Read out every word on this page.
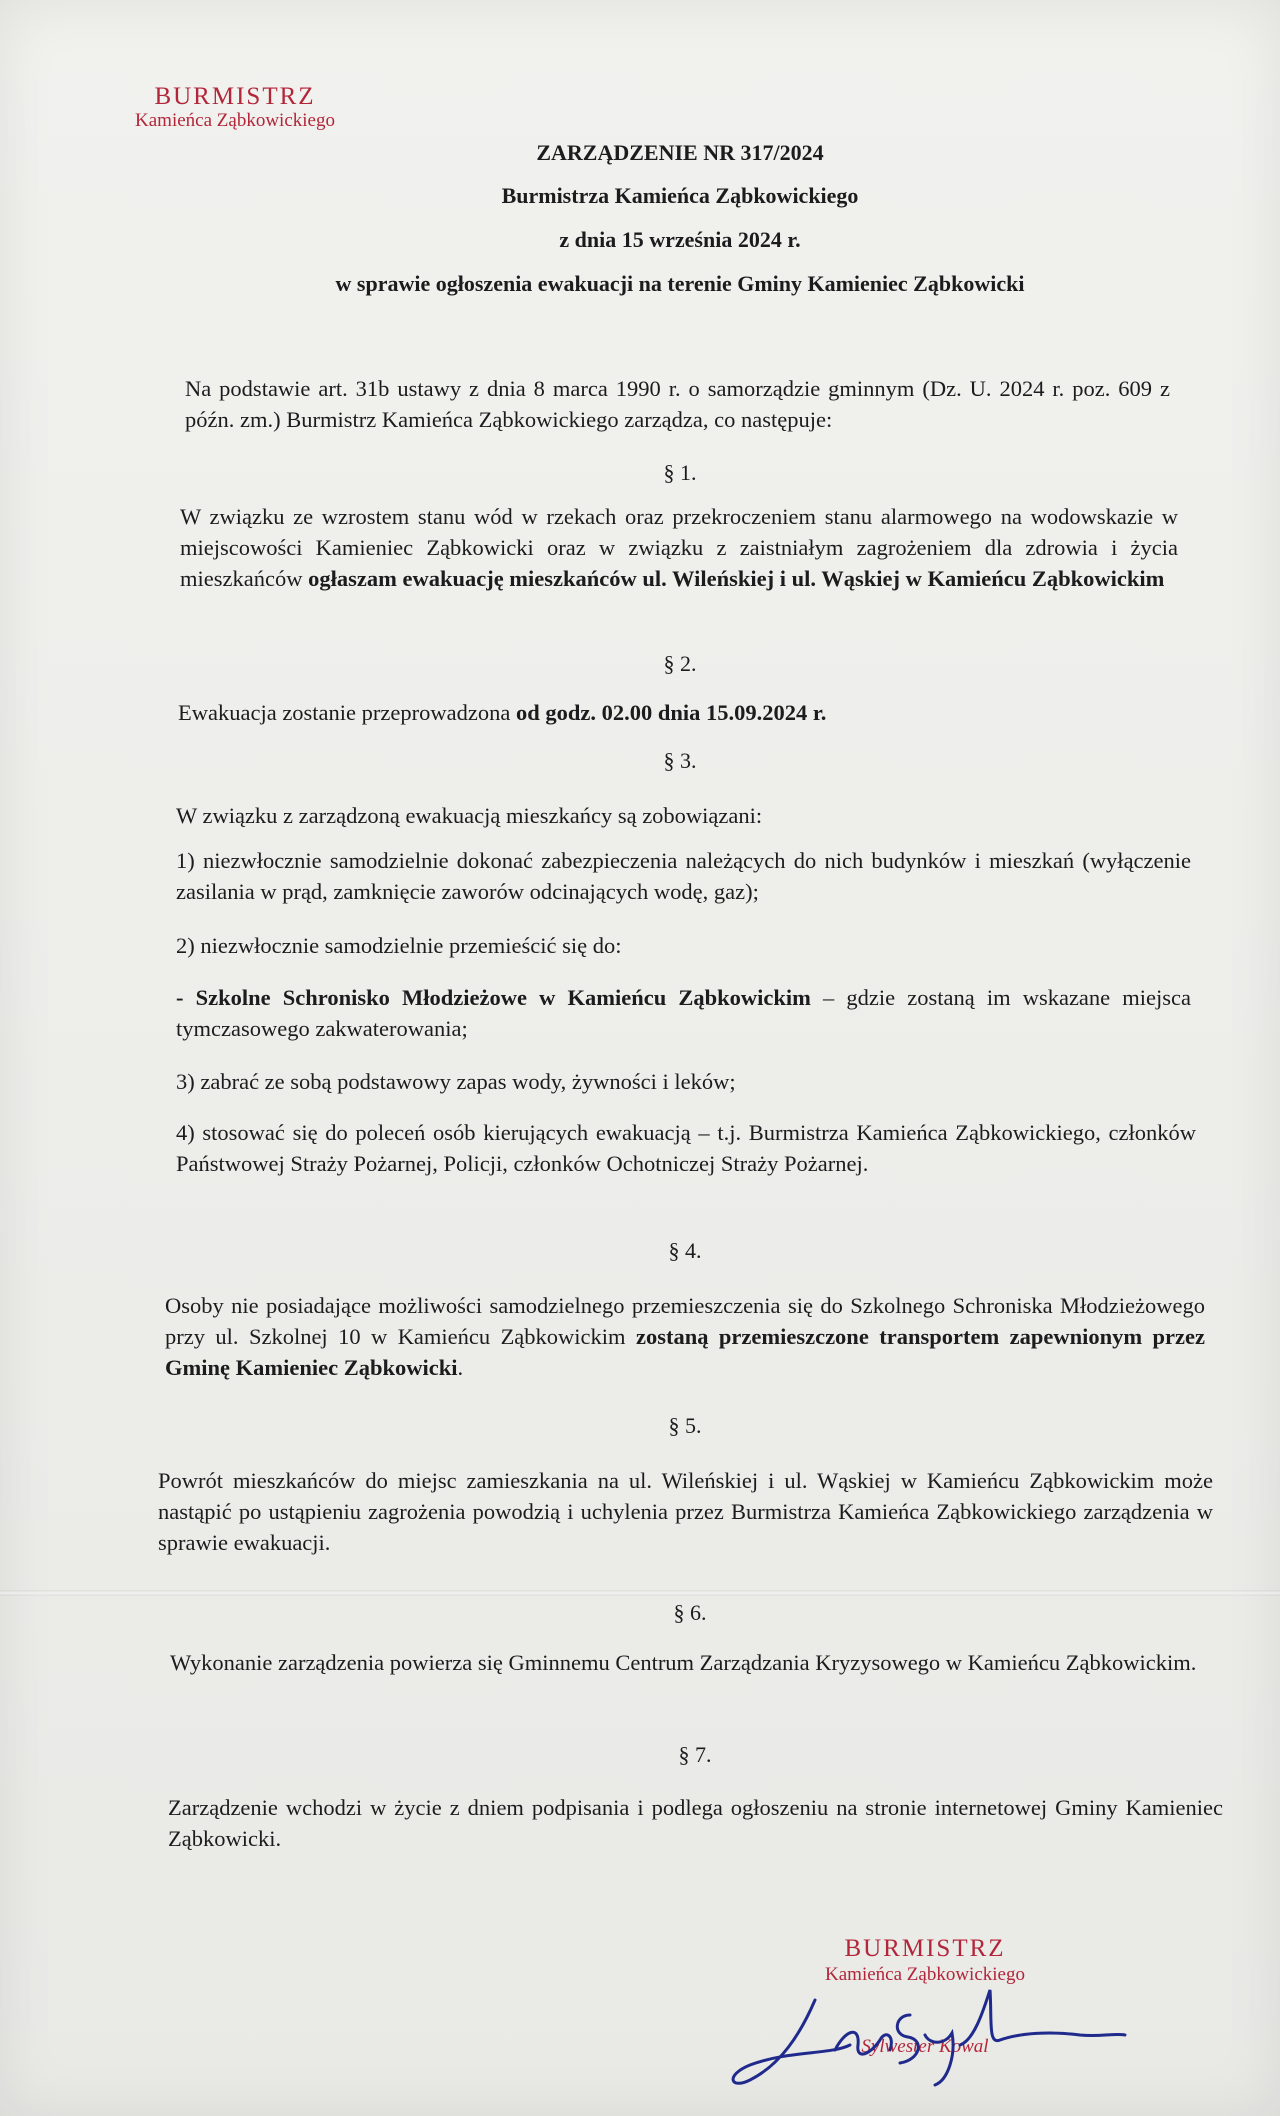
BURMISTRZ
Kamieńca Ząbkowickiego
ZARZĄDZENIE NR 317/2024
Burmistrza Kamieńca Ząbkowickiego
z dnia 15 września 2024 r.
w sprawie ogłoszenia ewakuacji na terenie Gminy Kamieniec Ząbkowicki
Na podstawie art. 31b ustawy z dnia 8 marca 1990 r. o samorządzie gminnym (Dz. U. 2024 r. poz. 609 z późn. zm.) Burmistrz Kamieńca Ząbkowickiego zarządza, co następuje:
§ 1.
W związku ze wzrostem stanu wód w rzekach oraz przekroczeniem stanu alarmowego na wodowskazie w miejscowości Kamieniec Ząbkowicki oraz w związku z zaistniałym zagrożeniem dla zdrowia i życia mieszkańców ogłaszam ewakuację mieszkańców ul. Wileńskiej i ul. Wąskiej w Kamieńcu Ząbkowickim
§ 2.
Ewakuacja zostanie przeprowadzona od godz. 02.00 dnia 15.09.2024 r.
§ 3.
W związku z zarządzoną ewakuacją mieszkańcy są zobowiązani:
1) niezwłocznie samodzielnie dokonać zabezpieczenia należących do nich budynków i mieszkań (wyłączenie zasilania w prąd, zamknięcie zaworów odcinających wodę, gaz);
2) niezwłocznie samodzielnie przemieścić się do:
- Szkolne Schronisko Młodzieżowe w Kamieńcu Ząbkowickim – gdzie zostaną im wskazane miejsca tymczasowego zakwaterowania;
3) zabrać ze sobą podstawowy zapas wody, żywności i leków;
4) stosować się do poleceń osób kierujących ewakuacją – t.j. Burmistrza Kamieńca Ząbkowickiego, członków Państwowej Straży Pożarnej, Policji, członków Ochotniczej Straży Pożarnej.
§ 4.
Osoby nie posiadające możliwości samodzielnego przemieszczenia się do Szkolnego Schroniska Młodzieżowego przy ul. Szkolnej 10 w Kamieńcu Ząbkowickim zostaną przemieszczone transportem zapewnionym przez Gminę Kamieniec Ząbkowicki.
§ 5.
Powrót mieszkańców do miejsc zamieszkania na ul. Wileńskiej i ul. Wąskiej w Kamieńcu Ząbkowickim może nastąpić po ustąpieniu zagrożenia powodzią i uchylenia przez Burmistrza Kamieńca Ząbkowickiego zarządzenia w sprawie ewakuacji.
§ 6.
Wykonanie zarządzenia powierza się Gminnemu Centrum Zarządzania Kryzysowego w Kamieńcu Ząbkowickim.
§ 7.
Zarządzenie wchodzi w życie z dniem podpisania i podlega ogłoszeniu na stronie internetowej Gminy Kamieniec Ząbkowicki.
BURMISTRZ
Kamieńca Ząbkowickiego
Sylwester Kowal
